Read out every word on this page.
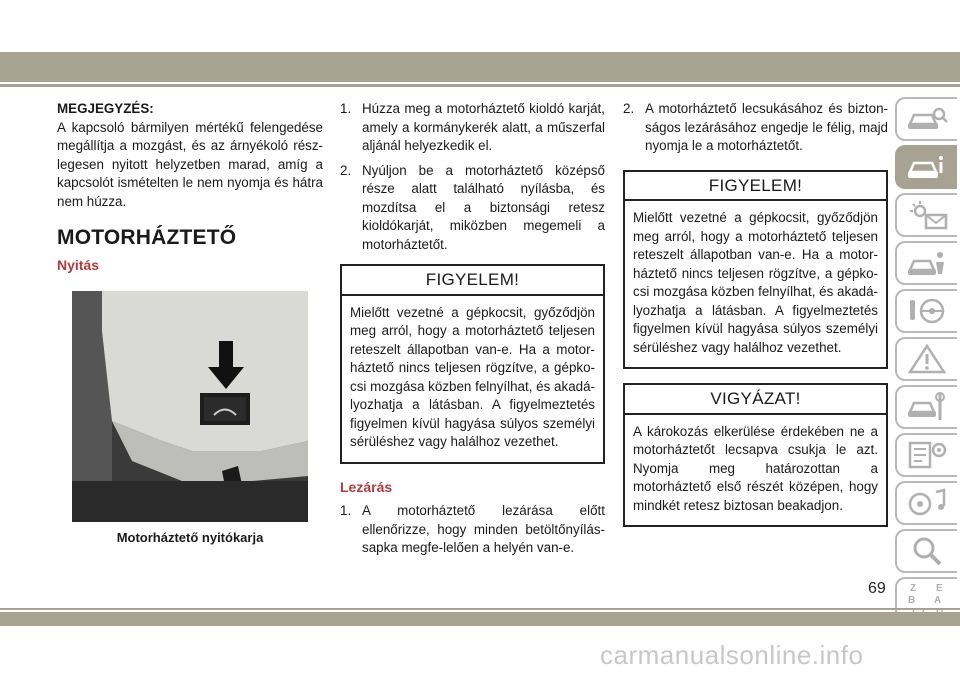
MEGJEGYZÉS:
A kapcsoló bármilyen mértékű felengedése megállítja a mozgást, és az árnyékoló rész-legesen nyitott helyzetben marad, amíg a kapcsolót ismételten le nem nyomja és hátra nem húzza.
MOTORHÁZTETŐ
Nyitás
Motorháztető nyitókarja
1. Húzza meg a motorháztető kioldó karját, amely a kormánykerék alatt, a műszerfal aljánál helyezkedik el.
2. Nyúljon be a motorháztető középső része alatt található nyílásba, és mozdítsa el a biztonsági retesz kioldókarját, miközben megemeli a motorháztetőt.
FIGYELEM!
Mielőtt vezetné a gépkocsit, győződjön meg arról, hogy a motorháztető teljesen reteszelt állapotban van-e. Ha a motor-háztető nincs teljesen rögzítve, a gépko-csi mozgása közben felnyílhat, és akadá-lyozhatja a látásban. A figyelmeztetés figyelmen kívül hagyása súlyos személyi sérüléshez vagy halálhoz vezethet.
Lezárás
1. A motorháztető lezárása előtt ellenőrizze, hogy minden betöltőnyílás-sapka megfe-lelően a helyén van-e.
2. A motorháztető lecsukásához és bizton-ságos lezárásához engedje le félig, majd nyomja le a motorháztetőt.
FIGYELEM!
Mielőtt vezetné a gépkocsit, győződjön meg arról, hogy a motorháztető teljesen reteszelt állapotban van-e. Ha a motor-háztető nincs teljesen rögzítve, a gépko-csi mozgása közben felnyílhat, és akadá-lyozhatja a látásban. A figyelmeztetés figyelmen kívül hagyása súlyos személyi sérüléshez vagy halálhoz vezethet.
VIGYÁZAT!
A károkozás elkerülése érdekében ne a motorháztetőt lecsapva csukja le azt. Nyomja meg határozottan a motorháztető első részét középen, hogy mindkét retesz biztosan beakadjon.
Z E
B A
69
carmanualsonline.info
